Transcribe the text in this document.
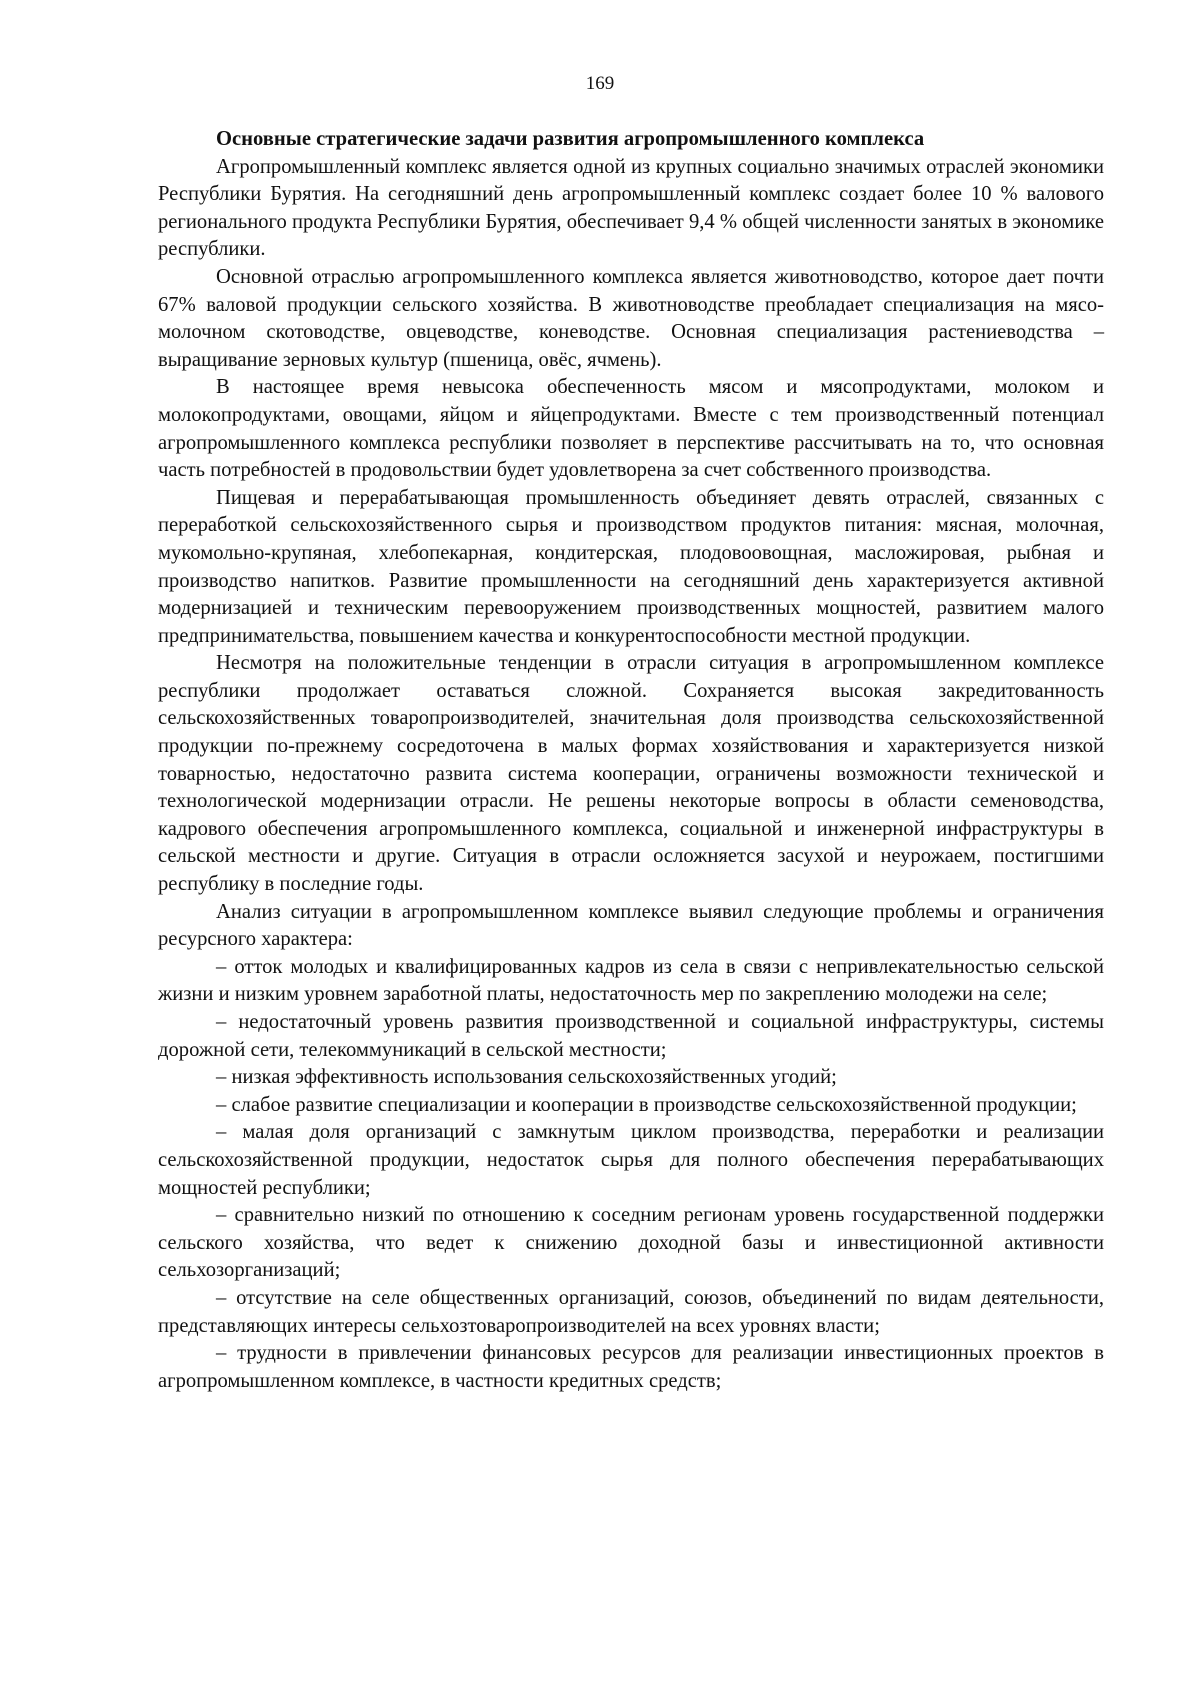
169

Основные стратегические задачи развития агропромышленного комплекса

Агропромышленный комплекс является одной из крупных социально значимых отраслей экономики Республики Бурятия. На сегодняшний день агропромышленный комплекс создает более 10 % валового регионального продукта Республики Бурятия, обеспечивает 9,4 % общей численности занятых в экономике республики.

Основной отраслью агропромышленного комплекса является животноводство, которое дает почти 67% валовой продукции сельского хозяйства. В животноводстве преобладает специализация на мясо-молочном скотоводстве, овцеводстве, коневодстве. Основная специализация растениеводства – выращивание зерновых культур (пшеница, овёс, ячмень).

В настоящее время невысока обеспеченность мясом и мясопродуктами, молоком и молокопродуктами, овощами, яйцом и яйцепродуктами. Вместе с тем производственный потенциал агропромышленного комплекса республики позволяет в перспективе рассчитывать на то, что основная часть потребностей в продовольствии будет удовлетворена за счет собственного производства.

Пищевая и перерабатывающая промышленность объединяет девять отраслей, связанных с переработкой сельскохозяйственного сырья и производством продуктов питания: мясная, молочная, мукомольно-крупяная, хлебопекарная, кондитерская, плодовоовощная, масложировая, рыбная и производство напитков. Развитие промышленности на сегодняшний день характеризуется активной модернизацией и техническим перевооружением производственных мощностей, развитием малого предпринимательства, повышением качества и конкурентоспособности местной продукции.

Несмотря на положительные тенденции в отрасли ситуация в агропромышленном комплексе республики продолжает оставаться сложной. Сохраняется высокая закредитованность сельскохозяйственных товаропроизводителей, значительная доля производства сельскохозяйственной продукции по-прежнему сосредоточена в малых формах хозяйствования и характеризуется низкой товарностью, недостаточно развита система кооперации, ограничены возможности технической и технологической модернизации отрасли. Не решены некоторые вопросы в области семеноводства, кадрового обеспечения агропромышленного комплекса, социальной и инженерной инфраструктуры в сельской местности и другие. Ситуация в отрасли осложняется засухой и неурожаем, постигшими республику в последние годы.

Анализ ситуации в агропромышленном комплексе выявил следующие проблемы и ограничения ресурсного характера:

– отток молодых и квалифицированных кадров из села в связи с непривлекательностью сельской жизни и низким уровнем заработной платы, недостаточность мер по закреплению молодежи на селе;

– недостаточный уровень развития производственной и социальной инфраструктуры, системы дорожной сети, телекоммуникаций в сельской местности;

– низкая эффективность использования сельскохозяйственных угодий;

– слабое развитие специализации и кооперации в производстве сельскохозяйственной продукции;

– малая доля организаций с замкнутым циклом производства, переработки и реализации сельскохозяйственной продукции, недостаток сырья для полного обеспечения перерабатывающих мощностей республики;

– сравнительно низкий по отношению к соседним регионам уровень государственной поддержки сельского хозяйства, что ведет к снижению доходной базы и инвестиционной активности сельхозорганизаций;

– отсутствие на селе общественных организаций, союзов, объединений по видам деятельности, представляющих интересы сельхозтоваропроизводителей на всех уровнях власти;

– трудности в привлечении финансовых ресурсов для реализации инвестиционных проектов в агропромышленном комплексе, в частности кредитных средств;
